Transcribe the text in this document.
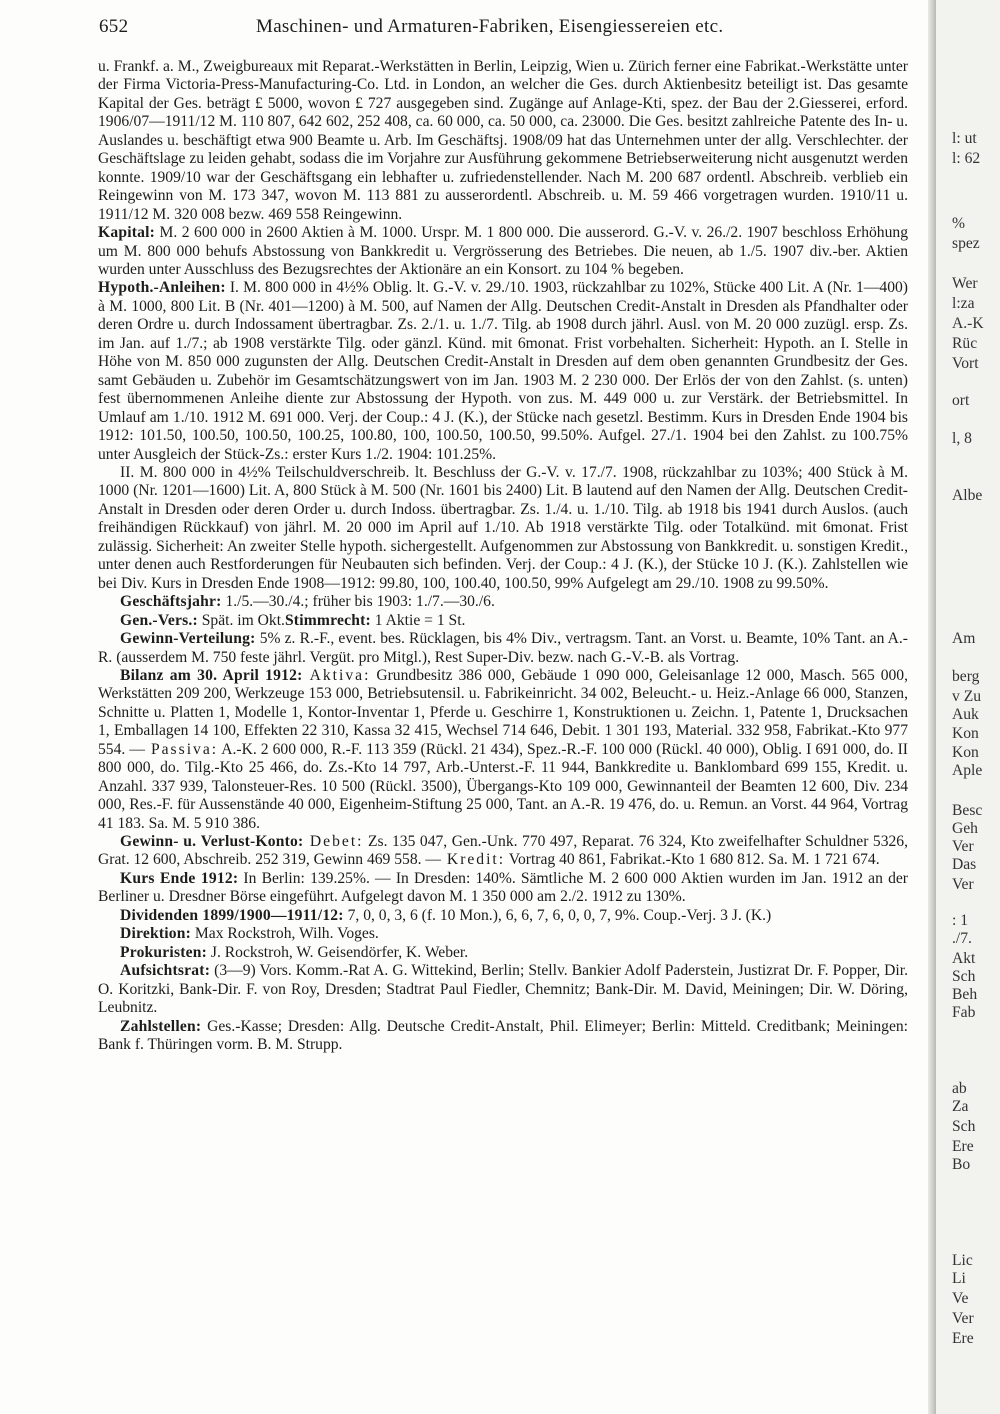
652	Maschinen- und Armaturen-Fabriken, Eisengiessereien etc.

u. Frankf. a. M., Zweigbureaux mit Reparat.-Werkstätten in Berlin, Leipzig, Wien u. Zürich ferner eine Fabrikat.-Werkstätte unter der Firma Victoria-Press-Manufacturing-Co. Ltd. in London, an welcher die Ges. durch Aktienbesitz beteiligt ist. Das gesamte Kapital der Ges. beträgt £ 5000, wovon £ 727 ausgegeben sind. Zugänge auf Anlage-Kti, spez. der Bau der 2.Giesserei, erford. 1906/07—1911/12 M. 110 807, 642 602, 252 408, ca. 60 000, ca. 50 000, ca. 23000. Die Ges. besitzt zahlreiche Patente des In- u. Auslandes u. beschäftigt etwa 900 Beamte u. Arb. Im Geschäftsj. 1908/09 hat das Unternehmen unter der allg. Verschlechter. der Geschäftslage zu leiden gehabt, sodass die im Vorjahre zur Ausführung gekommene Betriebserweiterung nicht ausgenutzt werden konnte. 1909/10 war der Geschäftsgang ein lebhafter u. zufriedenstellender. Nach M. 200 687 ordentl. Abschreib. verblieb ein Reingewinn von M. 173 347, wovon M. 113 881 zu ausserordentl. Abschreib. u. M. 59 466 vorgetragen wurden. 1910/11 u. 1911/12 M. 320 008 bezw. 469 558 Reingewinn.

Kapital: M. 2 600 000 in 2600 Aktien à M. 1000. Urspr. M. 1 800 000. Die ausserord. G.-V. v. 26./2. 1907 beschloss Erhöhung um M. 800 000 behufs Abstossung von Bankkredit u. Vergrösserung des Betriebes. Die neuen, ab 1./5. 1907 div.-ber. Aktien wurden unter Ausschluss des Bezugsrechtes der Aktionäre an ein Konsort. zu 104 % begeben.

Hypoth.-Anleihen: I. M. 800 000 in 4½% Oblig. lt. G.-V. v. 29./10. 1903, rückzahlbar zu 102%, Stücke 400 Lit. A (Nr. 1—400) à M. 1000, 800 Lit. B (Nr. 401—1200) à M. 500, auf Namen der Allg. Deutschen Credit-Anstalt in Dresden als Pfandhalter oder deren Ordre u. durch Indossament übertragbar. Zs. 2./1. u. 1./7. Tilg. ab 1908 durch jährl. Ausl. von M. 20 000 zuzügl. ersp. Zs. im Jan. auf 1./7.; ab 1908 verstärkte Tilg. oder gänzl. Künd. mit 6monat. Frist vorbehalten. Sicherheit: Hypoth. an I. Stelle in Höhe von M. 850 000 zugunsten der Allg. Deutschen Credit-Anstalt in Dresden auf dem oben genannten Grundbesitz der Ges. samt Gebäuden u. Zubehör im Gesamtschätzungswert von im Jan. 1903 M. 2 230 000. Der Erlös der von den Zahlst. (s. unten) fest übernommenen Anleihe diente zur Abstossung der Hypoth. von zus. M. 449 000 u. zur Verstärk. der Betriebsmittel. In Umlauf am 1./10. 1912 M. 691 000. Verj. der Coup.: 4 J. (K.), der Stücke nach gesetzl. Bestimm. Kurs in Dresden Ende 1904 bis 1912: 101.50, 100.50, 100.50, 100.25, 100.80, 100, 100.50, 100.50, 99.50%. Aufgel. 27./1. 1904 bei den Zahlst. zu 100.75% unter Ausgleich der Stück-Zs.: erster Kurs 1./2. 1904: 101.25%.

II. M. 800 000 in 4½% Teilschuldverschreib. lt. Beschluss der G.-V. v. 17./7. 1908, rückzahlbar zu 103%; 400 Stück à M. 1000 (Nr. 1201—1600) Lit. A, 800 Stück à M. 500 (Nr. 1601 bis 2400) Lit. B lautend auf den Namen der Allg. Deutschen Credit-Anstalt in Dresden oder deren Order u. durch Indoss. übertragbar. Zs. 1./4. u. 1./10. Tilg. ab 1918 bis 1941 durch Auslos. (auch freihändigen Rückkauf) von jährl. M. 20 000 im April auf 1./10. Ab 1918 verstärkte Tilg. oder Totalkünd. mit 6monat. Frist zulässig. Sicherheit: An zweiter Stelle hypoth. sichergestellt. Aufgenommen zur Abstossung von Bankkredit. u. sonstigen Kredit., unter denen auch Restforderungen für Neubauten sich befinden. Verj. der Coup.: 4 J. (K.), der Stücke 10 J. (K.). Zahlstellen wie bei Div. Kurs in Dresden Ende 1908—1912: 99.80, 100, 100.40, 100.50, 99% Aufgelegt am 29./10. 1908 zu 99.50%.

Geschäftsjahr: 1./5.—30./4.; früher bis 1903: 1./7.—30./6.

Gen.-Vers.: Spät. im Okt.Stimmrecht: 1 Aktie = 1 St.

Gewinn-Verteilung: 5% z. R.-F., event. bes. Rücklagen, bis 4% Div., vertragsm. Tant. an Vorst. u. Beamte, 10% Tant. an A.-R. (ausserdem M. 750 feste jährl. Vergüt. pro Mitgl.), Rest Super-Div. bezw. nach G.-V.-B. als Vortrag.

Bilanz am 30. April 1912: Aktiva: Grundbesitz 386 000, Gebäude 1 090 000, Geleisanlage 12 000, Masch. 565 000, Werkstätten 209 200, Werkzeuge 153 000, Betriebsutensil. u. Fabrikeinricht. 34 002, Beleucht.- u. Heiz.-Anlage 66 000, Stanzen, Schnitte u. Platten 1, Modelle 1, Kontor-Inventar 1, Pferde u. Geschirre 1, Konstruktionen u. Zeichn. 1, Patente 1, Drucksachen 1, Emballagen 14 100, Effekten 22 310, Kassa 32 415, Wechsel 714 646, Debit. 1 301 193, Material. 332 958, Fabrikat.-Kto 977 554. — Passiva: A.-K. 2 600 000, R.-F. 113 359 (Rückl. 21 434), Spez.-R.-F. 100 000 (Rückl. 40 000), Oblig. I 691 000, do. II 800 000, do. Tilg.-Kto 25 466, do. Zs.-Kto 14 797, Arb.-Unterst.-F. 11 944, Bankkredite u. Banklombard 699 155, Kredit. u. Anzahl. 337 939, Talonsteuer-Res. 10 500 (Rückl. 3500), Übergangs-Kto 109 000, Gewinnanteil der Beamten 12 600, Div. 234 000, Res.-F. für Aussenstände 40 000, Eigenheim-Stiftung 25 000, Tant. an A.-R. 19 476, do. u. Remun. an Vorst. 44 964, Vortrag 41 183. Sa. M. 5 910 386.

Gewinn- u. Verlust-Konto: Debet: Zs. 135 047, Gen.-Unk. 770 497, Reparat. 76 324, Kto zweifelhafter Schuldner 5326, Grat. 12 600, Abschreib. 252 319, Gewinn 469 558. — Kredit: Vortrag 40 861, Fabrikat.-Kto 1 680 812. Sa. M. 1 721 674.

Kurs Ende 1912: In Berlin: 139.25%. — In Dresden: 140%. Sämtliche M. 2 600 000 Aktien wurden im Jan. 1912 an der Berliner u. Dresdner Börse eingeführt. Aufgelegt davon M. 1 350 000 am 2./2. 1912 zu 130%.

Dividenden 1899/1900—1911/12: 7, 0, 0, 3, 6 (f. 10 Mon.), 6, 6, 7, 6, 0, 0, 7, 9%. Coup.-Verj. 3 J. (K.)

Direktion: Max Rockstroh, Wilh. Voges.

Prokuristen: J. Rockstroh, W. Geisendörfer, K. Weber.

Aufsichtsrat: (3—9) Vors. Komm.-Rat A. G. Wittekind, Berlin; Stellv. Bankier Adolf Paderstein, Justizrat Dr. F. Popper, Dir. O. Koritzki, Bank-Dir. F. von Roy, Dresden; Stadtrat Paul Fiedler, Chemnitz; Bank-Dir. M. David, Meiningen; Dir. W. Döring, Leubnitz.

Zahlstellen: Ges.-Kasse; Dresden: Allg. Deutsche Credit-Anstalt, Phil. Elimeyer; Berlin: Mitteld. Creditbank; Meiningen: Bank f. Thüringen vorm. B. M. Strupp.

l: ut
l: 62
%
spez
Wer
l:za
A.-K
Rüc
Vort
ort
l, 8
Albe
Am
berg
v Zu
Auk
Kon
Kon
Aple
Besc
Geh
Ver
Das
Ver
: 1
./7.
Akt
Sch
Beh
Fab
ab
Za
Sch
Ere
Bo
Lic
Li
Ve
Ver
Ere
